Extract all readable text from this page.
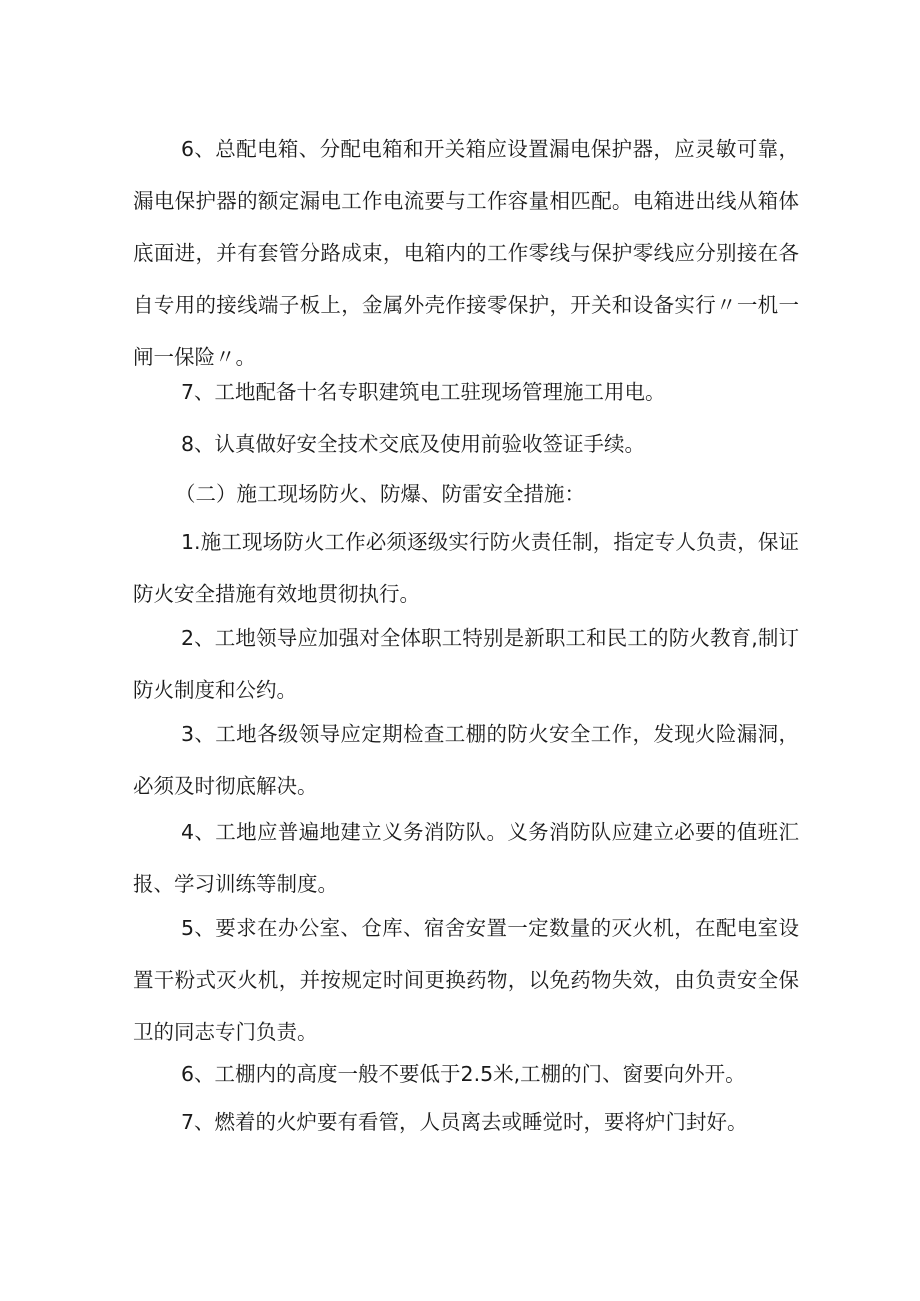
6、总配电箱、分配电箱和开关箱应设置漏电保护器，应灵敏可靠，漏电保护器的额定漏电工作电流要与工作容量相匹配。电箱进出线从箱体底面进，并有套管分路成束，电箱内的工作零线与保护零线应分别接在各自专用的接线端子板上，金属外壳作接零保护，开关和设备实行〃一机一闸一保险〃。

7、工地配备十名专职建筑电工驻现场管理施工用电。

8、认真做好安全技术交底及使用前验收签证手续。

（二）施工现场防火、防爆、防雷安全措施：

1.施工现场防火工作必须逐级实行防火责任制，指定专人负责，保证防火安全措施有效地贯彻执行。

2、工地领导应加强对全体职工特别是新职工和民工的防火教育,制订防火制度和公约。

3、工地各级领导应定期检查工棚的防火安全工作，发现火险漏洞，必须及时彻底解决。

4、工地应普遍地建立义务消防队。义务消防队应建立必要的值班汇报、学习训练等制度。

5、要求在办公室、仓库、宿舍安置一定数量的灭火机，在配电室设置干粉式灭火机，并按规定时间更换药物，以免药物失效，由负责安全保卫的同志专门负责。

6、工棚内的高度一般不要低于2.5米,工棚的门、窗要向外开。

7、燃着的火炉要有看管，人员离去或睡觉时，要将炉门封好。
